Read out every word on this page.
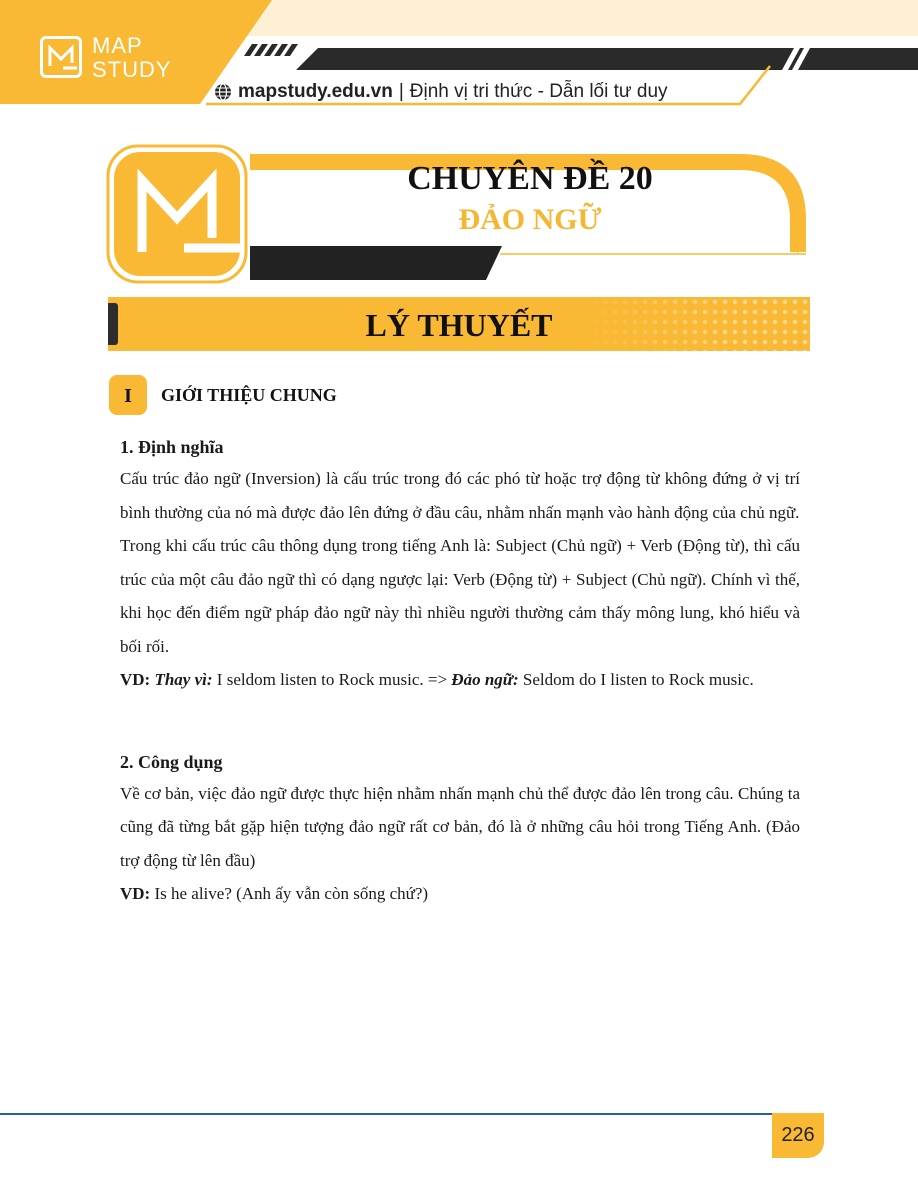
MAP
STUDY
mapstudy.edu.vn | Định vị tri thức - Dẫn lối tư duy
CHUYÊN ĐỀ 20
ĐẢO NGỮ
LÝ THUYẾT
I	GIỚI THIỆU CHUNG

1. Định nghĩa

Cấu trúc đảo ngữ (Inversion) là cấu trúc trong đó các phó từ hoặc trợ động từ không đứng ở vị trí bình thường của nó mà được đảo lên đứng ở đầu câu, nhằm nhấn mạnh vào hành động của chủ ngữ.

Trong khi cấu trúc câu thông dụng trong tiếng Anh là: Subject (Chủ ngữ) + Verb (Động từ), thì cấu trúc của một câu đảo ngữ thì có dạng ngược lại: Verb (Động từ) + Subject (Chủ ngữ). Chính vì thế, khi học đến điểm ngữ pháp đảo ngữ này thì nhiều người thường cảm thấy mông lung, khó hiểu và bối rối.

VD: Thay vì: I seldom listen to Rock music. => Đảo ngữ: Seldom do I listen to Rock music.

2. Công dụng

Về cơ bản, việc đảo ngữ được thực hiện nhằm nhấn mạnh chủ thể được đảo lên trong câu. Chúng ta cũng đã từng bắt gặp hiện tượng đảo ngữ rất cơ bản, đó là ở những câu hỏi trong Tiếng Anh. (Đảo trợ động từ lên đầu)

VD: Is he alive? (Anh ấy vẫn còn sống chứ?)

226
